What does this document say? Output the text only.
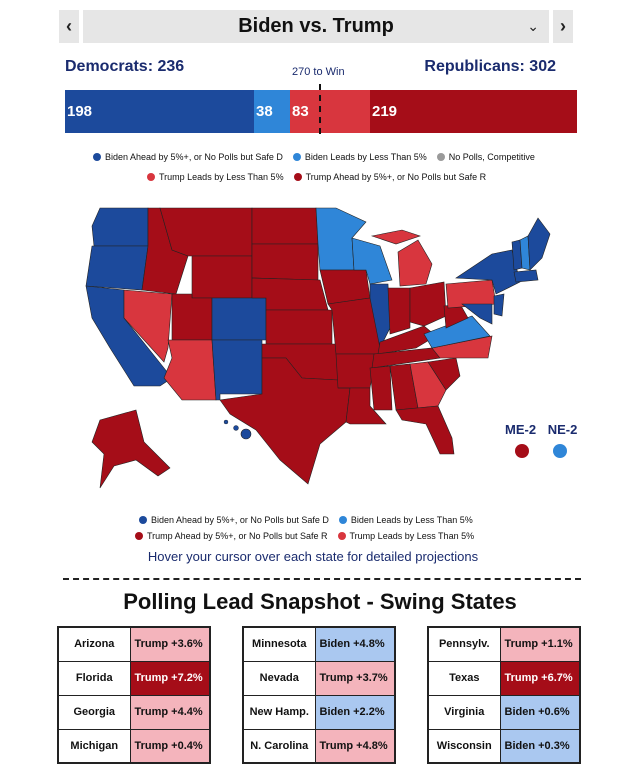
‹	Biden vs. Trump	⌄ ›
Democrats: 236	Republicans: 302
270 to Win
198	38	83	219
Biden Ahead by 5%+, or No Polls but Safe D Biden Leads by Less Than 5% No Polls, Competitive
Trump Leads by Less Than 5% Trump Ahead by 5%+, or No Polls but Safe R
ME-2 NE-2
Biden Ahead by 5%+, or No Polls but Safe D Biden Leads by Less Than 5%
Trump Ahead by 5%+, or No Polls but Safe R Trump Leads by Less Than 5%
Hover your cursor over each state for detailed projections
Polling Lead Snapshot - Swing States
Arizona	Trump +3.6%
Florida	Trump +7.2%
Georgia	Trump +4.4%
Michigan	Trump +0.4%
Minnesota	Biden +4.8%
Nevada	Trump +3.7%
New Hamp.	Biden +2.2%
N. Carolina	Trump +4.8%
Pennsylv.	Trump +1.1%
Texas	Trump +6.7%
Virginia	Biden +0.6%
Wisconsin	Biden +0.3%
